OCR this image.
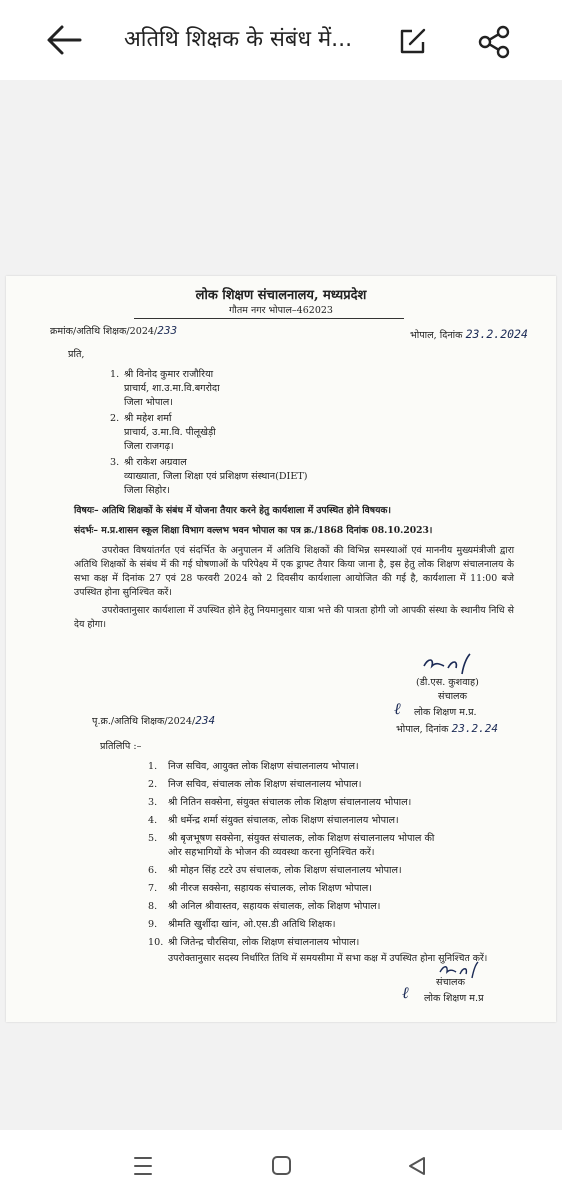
अतिथि शिक्षक के संबंध में...
लोक शिक्षण संचालनालय, मध्यप्रदेश
गौतम नगर भोपाल–462023
क्रमांक/अतिथि शिक्षक/2024/233	भोपाल, दिनांक 23.2.2024
प्रति,
1. श्री विनोद कुमार राजौरिया
प्राचार्य, शा.उ.मा.वि.बगरोदा
जिला भोपाल।
2. श्री महेश शर्मा
प्राचार्य, उ.मा.वि. पीलूखेड़ी
जिला राजगढ़।
3. श्री राकेश अग्रवाल
व्याख्याता, जिला शिक्षा एवं प्रशिक्षण संस्थान(DIET)
जिला सिहोर।
विषयः– अतिथि शिक्षकों के संबंध में योजना तैयार करने हेतु कार्यशाला में उपस्थित होने विषयक।
संदर्भः– म.प्र.शासन स्कूल शिक्षा विभाग वल्लभ भवन भोपाल का पत्र क्र./1868 दिनांक 08.10.2023।
उपरोक्त विषयांतर्गत एवं संदर्भित के अनुपालन में अतिथि शिक्षकों की विभिन्न समस्याओं एवं माननीय मुख्यमंत्रीजी द्वारा अतिथि शिक्षकों के संबंध में की गई घोषणाओं के परिपेक्ष्य में एक ड्राफ्ट तैयार किया जाना है, इस हेतु लोक शिक्षण संचालनालय के सभा कक्ष में दिनांक 27 एवं 28 फरवरी 2024 को 2 दिवसीय कार्यशाला आयोजित की गई है, कार्यशाला में 11:00 बजे उपस्थित होना सुनिश्चित करें।
उपरोक्तानुसार कार्यशाला में उपस्थित होने हेतु नियमानुसार यात्रा भत्ते की पात्रता होगी जो आपकी संस्था के स्थानीय निधि से देय होगा।
(डी.एस. कुशवाह)
संचालक
ℓ लोक शिक्षण म.प्र.
पृ.क्र./अतिथि शिक्षक/2024/234
भोपाल, दिनांक 23.2.24
प्रतिलिपि :–
1. निज सचिव, आयुक्त लोक शिक्षण संचालनालय भोपाल।
2. निज सचिव, संचालक लोक शिक्षण संचालनालय भोपाल।
3. श्री नितिन सक्सेना, संयुक्त संचालक लोक शिक्षण संचालनालय भोपाल।
4. श्री धर्मेन्द्र शर्मा संयुक्त संचालक, लोक शिक्षण संचालनालय भोपाल।
5. श्री बृजभूषण सक्सेना, संयुक्त संचालक, लोक शिक्षण संचालनालय भोपाल की
ओर सहभागियों के भोजन की व्यवस्था करना सुनिश्चित करें।
6. श्री मोहन सिंह टटरे उप संचालक, लोक शिक्षण संचालनालय भोपाल।
7. श्री नीरज सक्सेना, सहायक संचालक, लोक शिक्षण भोपाल।
8. श्री अनिल श्रीवास्तव, सहायक संचालक, लोक शिक्षण भोपाल।
9. श्रीमति खुर्शीदा खांन, ओ.एस.डी अतिथि शिक्षक।
10. श्री जितेन्द्र चौरसिया, लोक शिक्षण संचालनालय भोपाल।
उपरोक्तानुसार सदस्य निर्धारित तिथि में समयसीमा में सभा कक्ष में उपस्थित होना सुनिश्चित करें।
संचालक
ℓ लोक शिक्षण म.प्र
